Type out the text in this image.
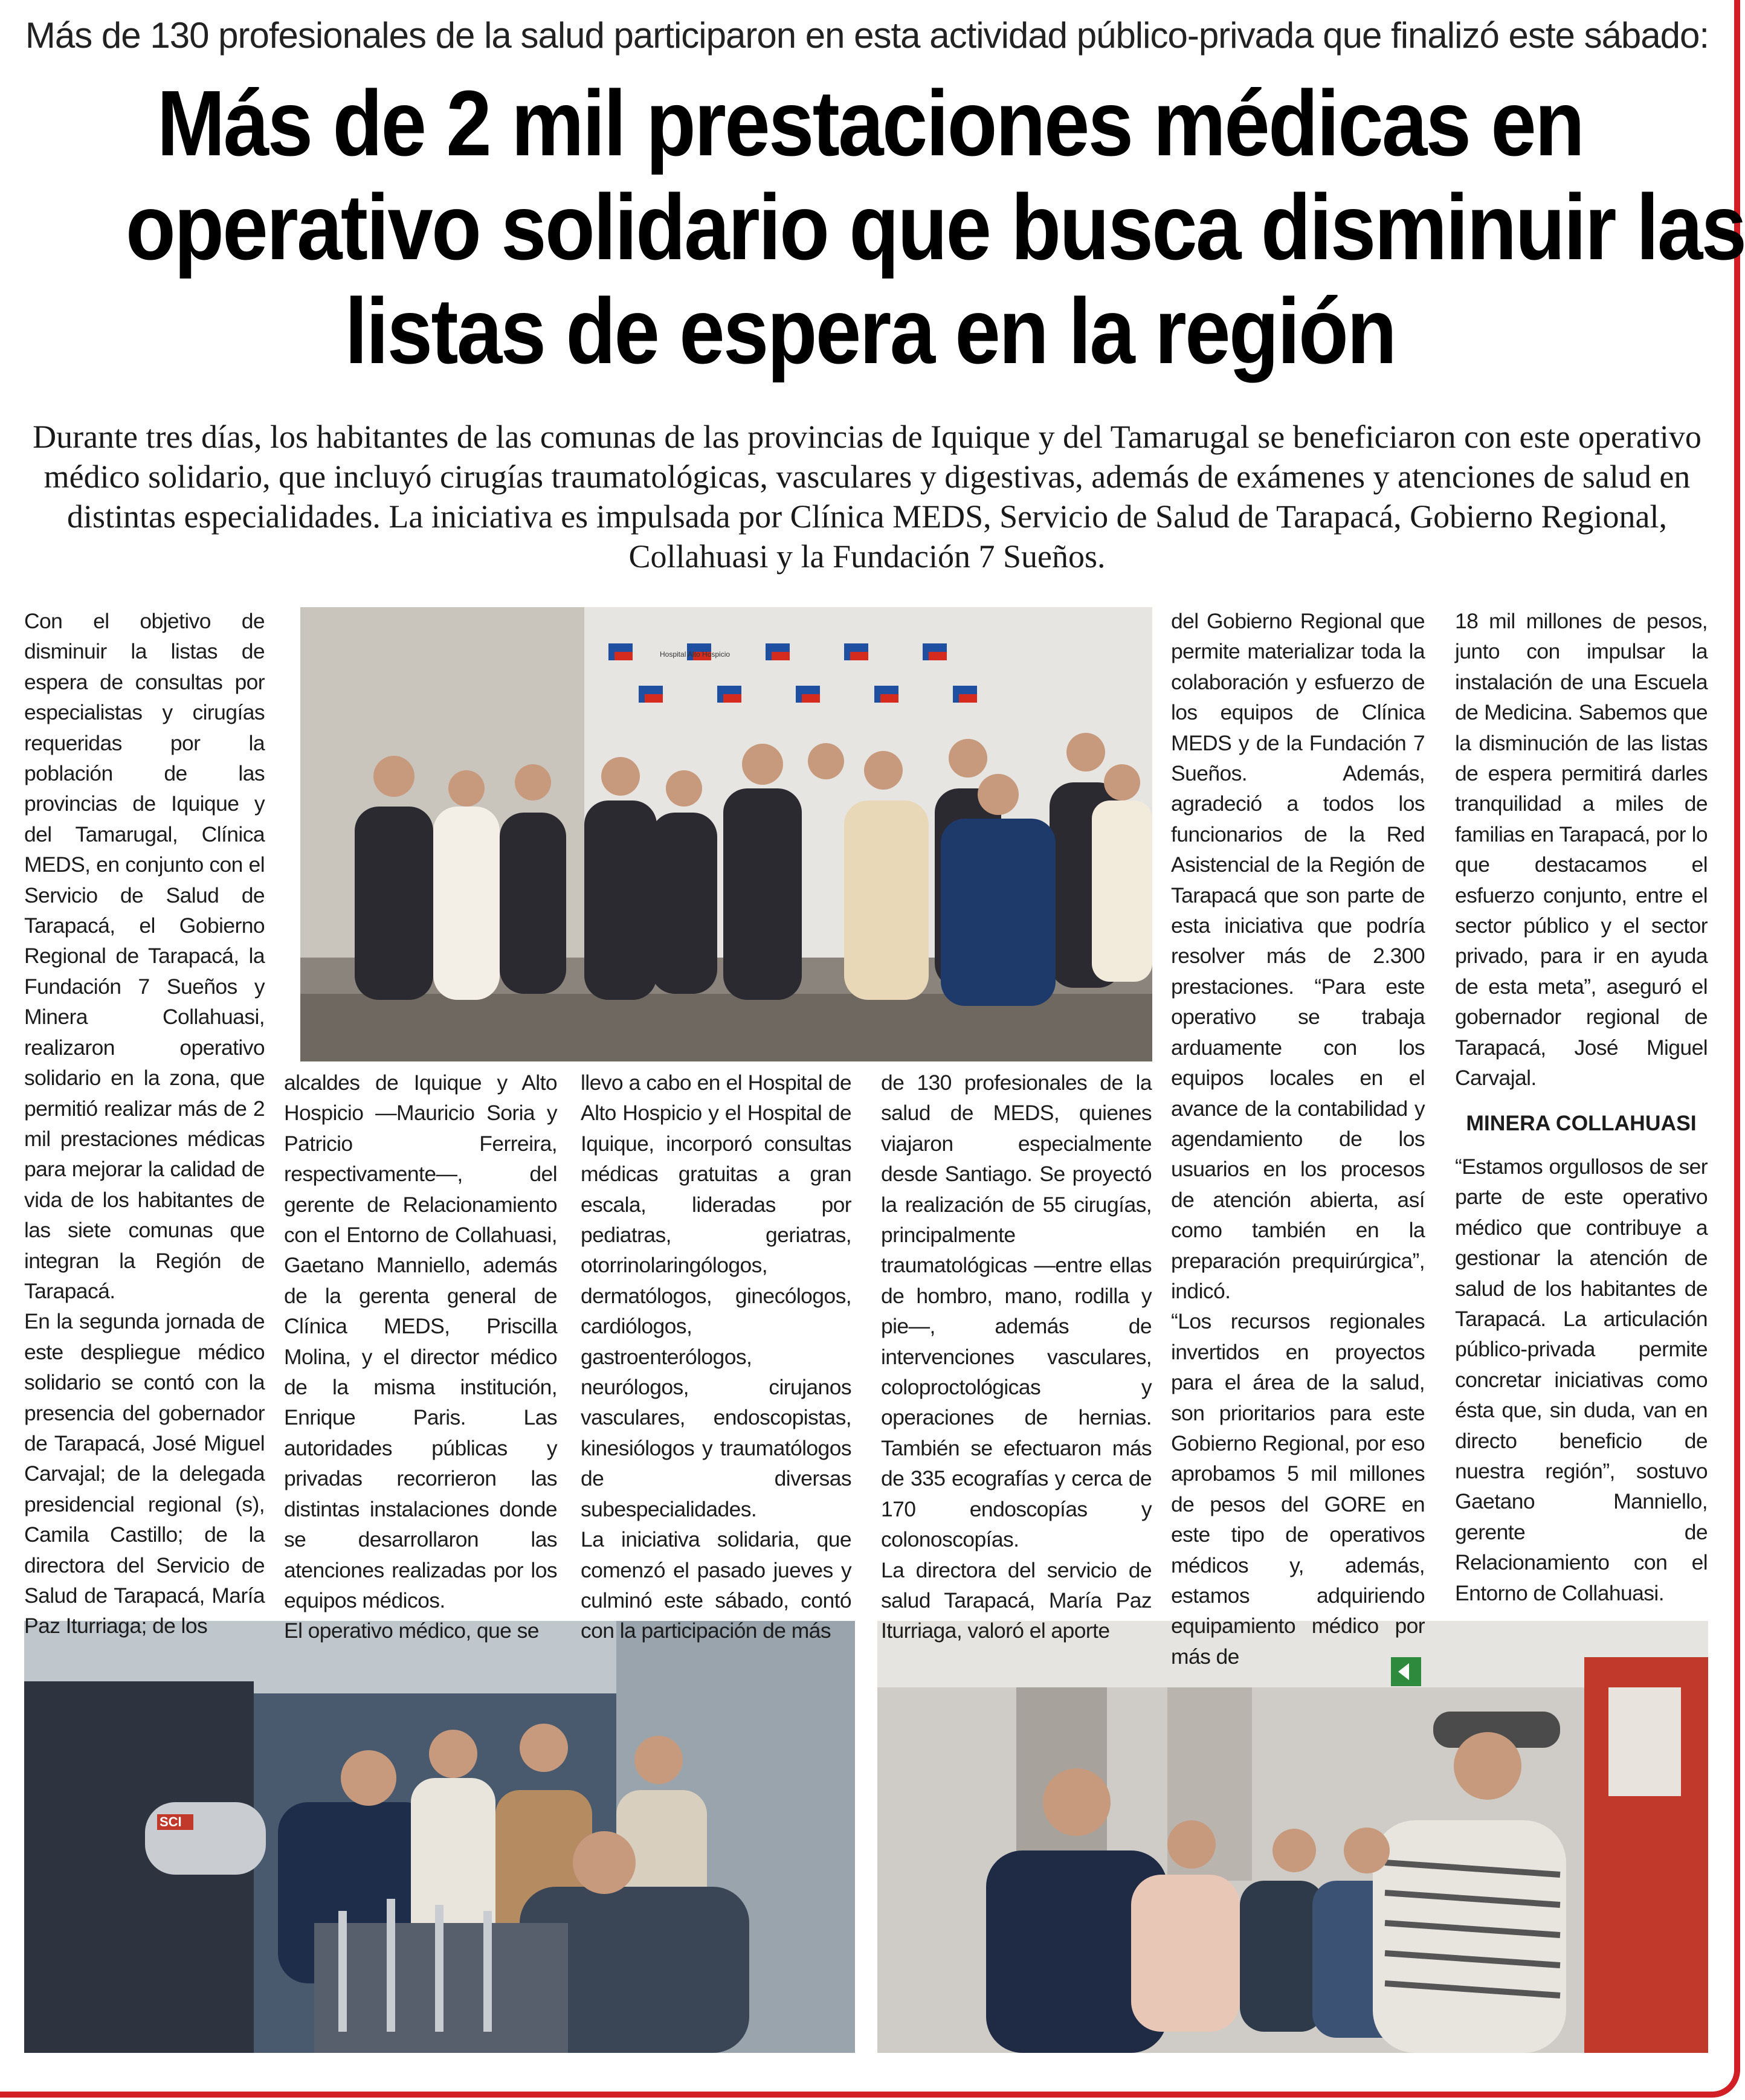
Más de 130 profesionales de la salud participaron en esta actividad público-privada que finalizó este sábado:
Más de 2 mil prestaciones médicas en
operativo solidario que busca disminuir las
listas de espera en la región
Durante tres días, los habitantes de las comunas de las provincias de Iquique y del Tamarugal se beneficiaron con este operativo médico solidario, que incluyó cirugías traumatológicas, vasculares y digestivas, además de exámenes y atenciones de salud en distintas especialidades. La iniciativa es impulsada por Clínica MEDS, Servicio de Salud de Tarapacá, Gobierno Regional, Collahuasi y la Fundación 7 Sueños.
Hospital Alto Hospicio
SCI

Con el objetivo de disminuir la listas de espera de consultas por especialistas y cirugías requeridas por la población de las provincias de Iquique y del Tamarugal, Clínica MEDS, en conjunto con el Servicio de Salud de Tarapacá, el Gobierno Regional de Tarapacá, la Fundación 7 Sueños y Minera Collahuasi, realizaron operativo solidario en la zona, que permitió realizar más de 2 mil prestaciones médicas para mejorar la calidad de vida de los habitantes de las siete comunas que integran la Región de Tarapacá.

En la segunda jornada de este despliegue médico solidario se contó con la presencia del gobernador de Tarapacá, José Miguel Carvajal; de la delegada presidencial regional (s), Camila Castillo; de la directora del Servicio de Salud de Tarapacá, María Paz Iturriaga; de los

alcaldes de Iquique y Alto Hospicio —Mauricio Soria y Patricio Ferreira, respectivamente—, del gerente de Relacionamiento con el Entorno de Collahuasi, Gaetano Manniello, además de la gerenta general de Clínica MEDS, Priscilla Molina, y el director médico de la misma institución, Enrique Paris. Las autoridades públicas y privadas recorrieron las distintas instalaciones donde se desarrollaron las atenciones realizadas por los equipos médicos.

El operativo médico, que se

llevo a cabo en el Hospital de Alto Hospicio y el Hospital de Iquique, incorporó consultas médicas gratuitas a gran escala, lideradas por pediatras, geriatras, otorrinolaringólogos, dermatólogos, ginecólogos, cardiólogos, gastroenterólogos, neurólogos, cirujanos vasculares, endoscopistas, kinesiólogos y traumatólogos de diversas subespecialidades.

La iniciativa solidaria, que comenzó el pasado jueves y culminó este sábado, contó con la participación de más

de 130 profesionales de la salud de MEDS, quienes viajaron especialmente desde Santiago. Se proyectó la realización de 55 cirugías, principalmente traumatológicas —entre ellas de hombro, mano, rodilla y pie—, además de intervenciones vasculares, coloproctológicas y operaciones de hernias. También se efectuaron más de 335 ecografías y cerca de 170 endoscopías y colonoscopías.

La directora del servicio de salud Tarapacá, María Paz Iturriaga, valoró el aporte

del Gobierno Regional que permite materializar toda la colaboración y esfuerzo de los equipos de Clínica MEDS y de la Fundación 7 Sueños. Además, agradeció a todos los funcionarios de la Red Asistencial de la Región de Tarapacá que son parte de esta iniciativa que podría resolver más de 2.300 prestaciones. “Para este operativo se trabaja arduamente con los equipos locales en el avance de la contabilidad y agendamiento de los usuarios en los procesos de atención abierta, así como también en la preparación prequirúrgica”, indicó.

“Los recursos regionales invertidos en proyectos para el área de la salud, son prioritarios para este Gobierno Regional, por eso aprobamos 5 mil millones de pesos del GORE en este tipo de operativos médicos y, además, estamos adquiriendo equipamiento médico por más de

18 mil millones de pesos, junto con impulsar la instalación de una Escuela de Medicina. Sabemos que la disminución de las listas de espera permitirá darles tranquilidad a miles de familias en Tarapacá, por lo que destacamos el esfuerzo conjunto, entre el sector público y el sector privado, para ir en ayuda de esta meta”, aseguró el gobernador regional de Tarapacá, José Miguel Carvajal.

MINERA COLLAHUASI

“Estamos orgullosos de ser parte de este operativo médico que contribuye a gestionar la atención de salud de los habitantes de Tarapacá. La articulación público-privada permite concretar iniciativas como ésta que, sin duda, van en directo beneficio de nuestra región”, sostuvo Gaetano Manniello, gerente de Relacionamiento con el Entorno de Collahuasi.
